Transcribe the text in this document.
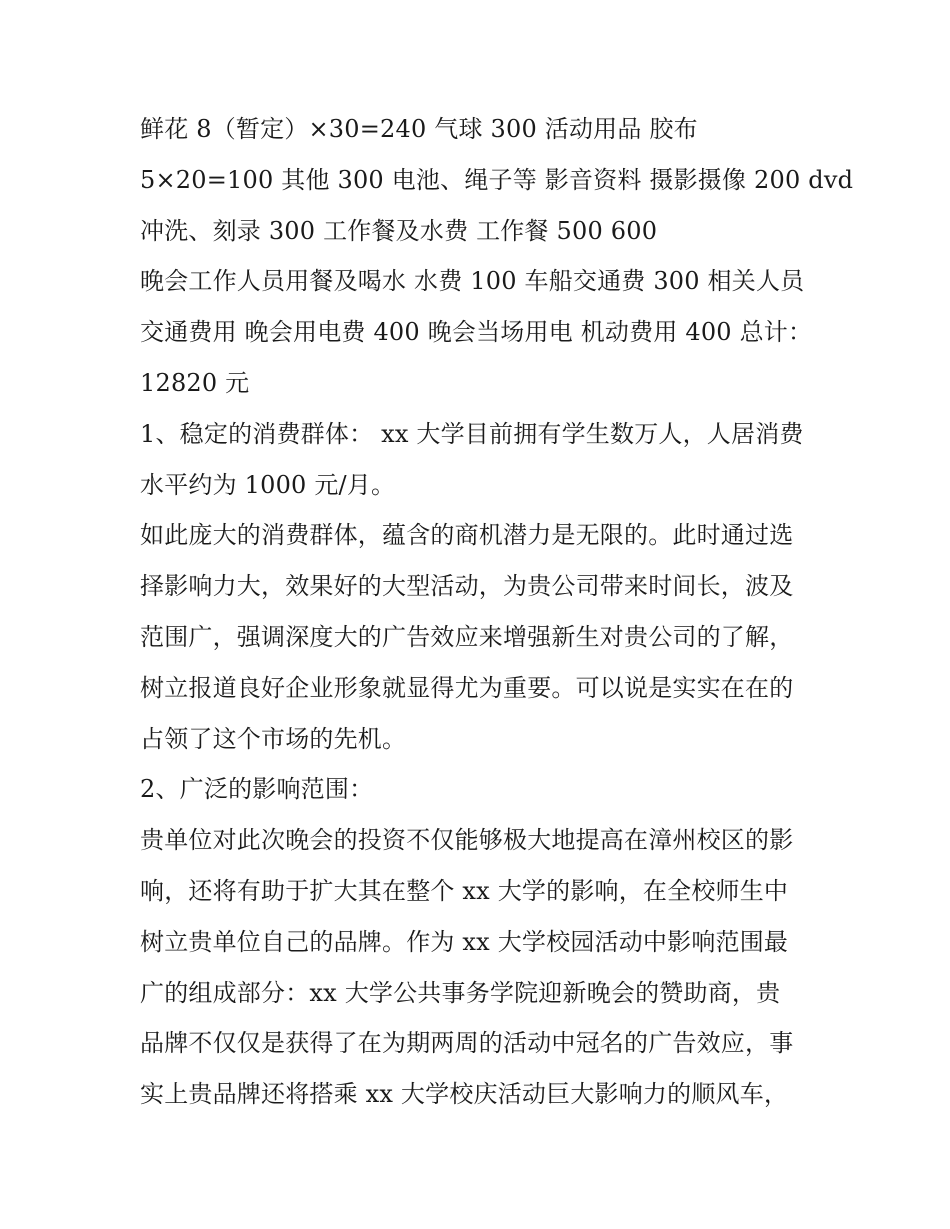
鲜花 8（暂定）×30=240 气球 300 活动用品 胶布
5×20=100 其他 300 电池、绳子等 影音资料 摄影摄像 200 dvd
冲洗、刻录 300 工作餐及水费 工作餐 500 600
晚会工作人员用餐及喝水 水费 100 车船交通费 300 相关人员
交通费用 晚会用电费 400 晚会当场用电 机动费用 400 总计：
12820 元
1、稳定的消费群体： xx 大学目前拥有学生数万人，人居消费
水平约为 1000 元/月。
如此庞大的消费群体，蕴含的商机潜力是无限的。此时通过选
择影响力大，效果好的大型活动，为贵公司带来时间长，波及
范围广，强调深度大的广告效应来增强新生对贵公司的了解，
树立报道良好企业形象就显得尤为重要。可以说是实实在在的
占领了这个市场的先机。
2、广泛的影响范围：
贵单位对此次晚会的投资不仅能够极大地提高在漳州校区的影
响，还将有助于扩大其在整个 xx 大学的影响，在全校师生中
树立贵单位自己的品牌。作为 xx 大学校园活动中影响范围最
广的组成部分：xx 大学公共事务学院迎新晚会的赞助商，贵
品牌不仅仅是获得了在为期两周的活动中冠名的广告效应，事
实上贵品牌还将搭乘 xx 大学校庆活动巨大影响力的顺风车，
